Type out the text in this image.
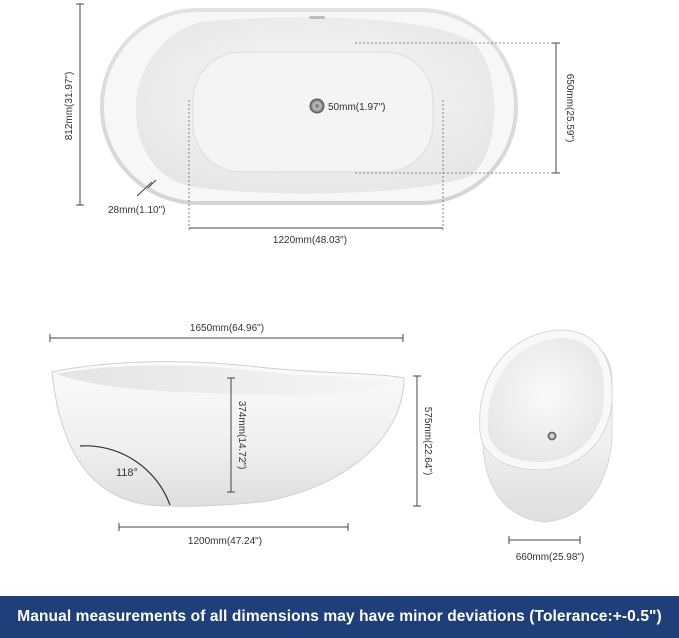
812mm(31.97")	650mm(25.59")
50mm(1.97")
28mm(1.10")
1220mm(48.03")
1650mm(64.96")
118°
374mm(14.72")	575mm(22.64")
1200mm(47.24")
660mm(25.98")
Manual measurements of all dimensions may have minor deviations (Tolerance:+-0.5")
